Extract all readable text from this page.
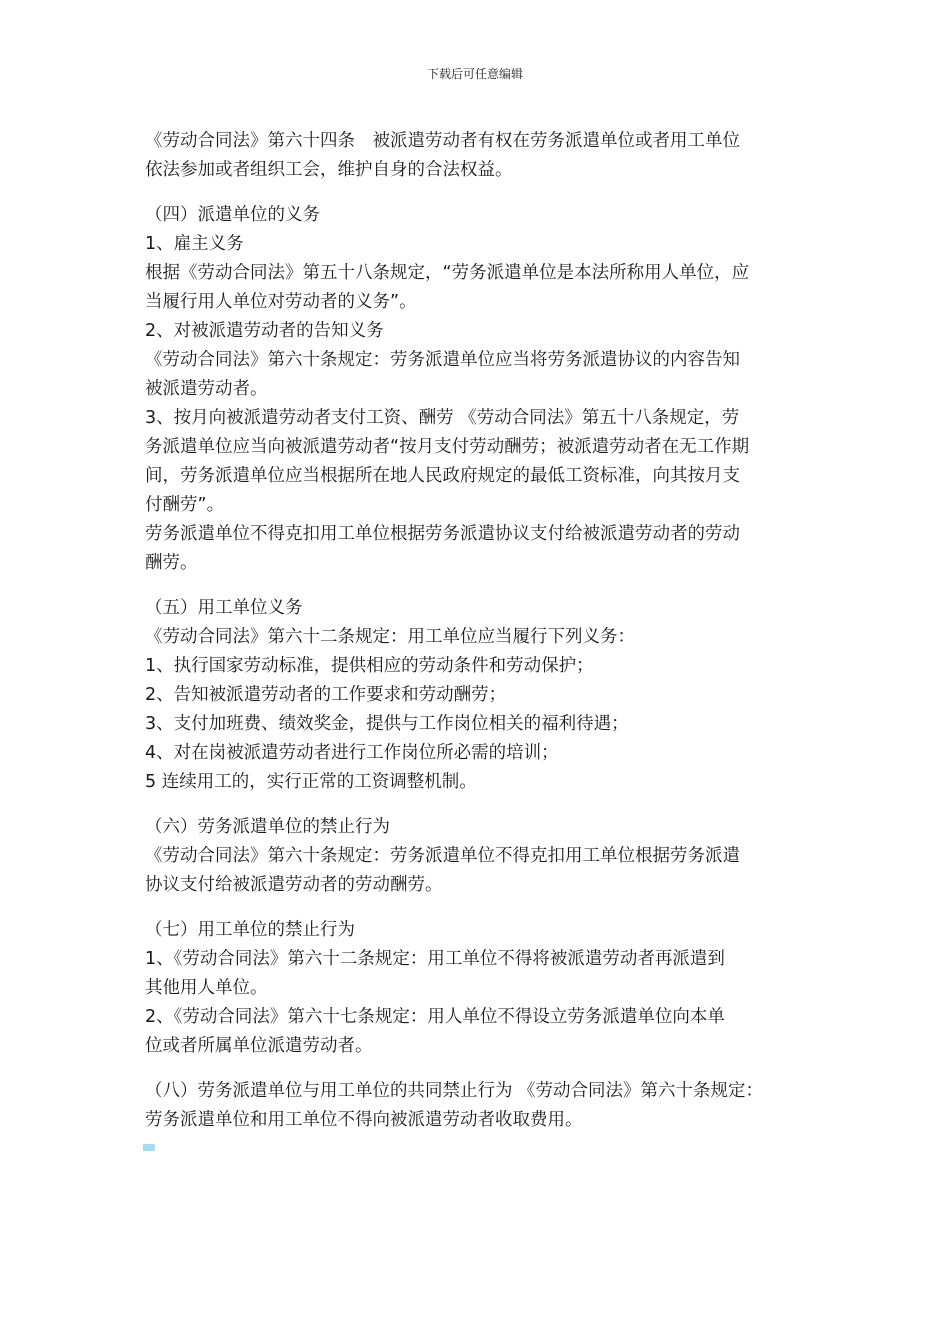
下载后可任意编辑
《劳动合同法》第六十四条　被派遣劳动者有权在劳务派遣单位或者用工单位
依法参加或者组织工会，维护自身的合法权益。
（四）派遣单位的义务
1、雇主义务
根据《劳动合同法》第五十八条规定，“劳务派遣单位是本法所称用人单位，应
当履行用人单位对劳动者的义务”。
2、对被派遣劳动者的告知义务
《劳动合同法》第六十条规定：劳务派遣单位应当将劳务派遣协议的内容告知
被派遣劳动者。
3、按月向被派遣劳动者支付工资、酬劳 《劳动合同法》第五十八条规定，劳
务派遣单位应当向被派遣劳动者“按月支付劳动酬劳；被派遣劳动者在无工作期
间，劳务派遣单位应当根据所在地人民政府规定的最低工资标准，向其按月支
付酬劳”。
劳务派遣单位不得克扣用工单位根据劳务派遣协议支付给被派遣劳动者的劳动
酬劳。
（五）用工单位义务
《劳动合同法》第六十二条规定：用工单位应当履行下列义务：
1、执行国家劳动标准，提供相应的劳动条件和劳动保护；
2、告知被派遣劳动者的工作要求和劳动酬劳；
3、支付加班费、绩效奖金，提供与工作岗位相关的福利待遇；
4、对在岗被派遣劳动者进行工作岗位所必需的培训；
5 连续用工的，实行正常的工资调整机制。
（六）劳务派遣单位的禁止行为
《劳动合同法》第六十条规定：劳务派遣单位不得克扣用工单位根据劳务派遣
协议支付给被派遣劳动者的劳动酬劳。
（七）用工单位的禁止行为
1、《劳动合同法》第六十二条规定：用工单位不得将被派遣劳动者再派遣到
其他用人单位。
2、《劳动合同法》第六十七条规定：用人单位不得设立劳务派遣单位向本单
位或者所属单位派遣劳动者。
（八）劳务派遣单位与用工单位的共同禁止行为 《劳动合同法》第六十条规定：
劳务派遣单位和用工单位不得向被派遣劳动者收取费用。
